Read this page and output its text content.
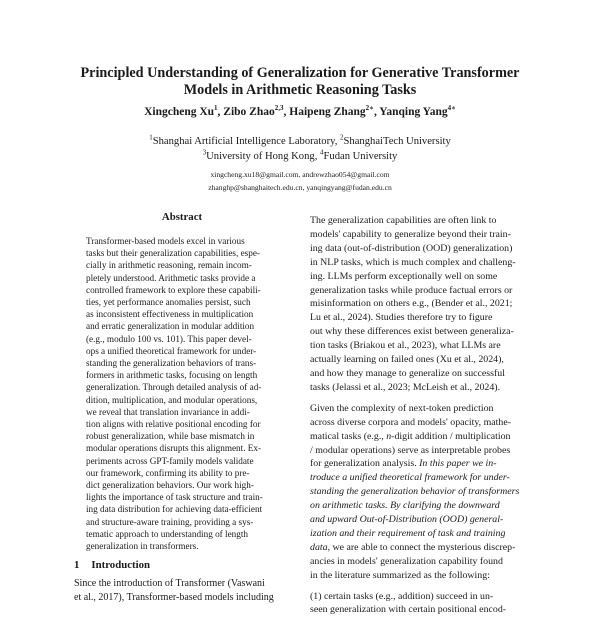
Principled Understanding of Generalization for Generative Transformer
Models in Arithmetic Reasoning Tasks
Xingcheng Xu$^1$, Zibo Zhao$^{2,3}$, Haipeng Zhang$^{2∗}$, Yanqing Yang$^{4∗}$
$^1$Shanghai Artificial Intelligence Laboratory, $^2$ShanghaiTech University
$^3$University of Hong Kong, $^4$Fudan University
xingcheng.xu18@gmail.com, andrewzhao054@gmail.com
zhanghp@shanghaitech.edu.cn, yanqingyang@fudan.edu.cn
Abstract
Transformer-based models excel in various
tasks but their generalization capabilities, espe-
cially in arithmetic reasoning, remain incom-
pletely understood. Arithmetic tasks provide a
controlled framework to explore these capabili-
ties, yet performance anomalies persist, such
as inconsistent effectiveness in multiplication
and erratic generalization in modular addition
(e.g., modulo 100 vs. 101). This paper devel-
ops a unified theoretical framework for under-
standing the generalization behaviors of trans-
formers in arithmetic tasks, focusing on length
generalization. Through detailed analysis of ad-
dition, multiplication, and modular operations,
we reveal that translation invariance in addi-
tion aligns with relative positional encoding for
robust generalization, while base mismatch in
modular operations disrupts this alignment. Ex-
periments across GPT-family models validate
our framework, confirming its ability to pre-
dict generalization behaviors. Our work high-
lights the importance of task structure and train-
ing data distribution for achieving data-efficient
and structure-aware training, providing a sys-
tematic approach to understanding of length
generalization in transformers.
1 Introduction
Since the introduction of Transformer (Vaswani
et al., 2017), Transformer-based models including
The generalization capabilities are often link to
models' capability to generalize beyond their train-
ing data (out-of-distribution (OOD) generalization)
in NLP tasks, which is much complex and challeng-
ing. LLMs perform exceptionally well on some
generalization tasks while produce factual errors or
misinformation on others e.g., (Bender et al., 2021;
Lu et al., 2024). Studies therefore try to figure
out why these differences exist between generaliza-
tion tasks (Briakou et al., 2023), what LLMs are
actually learning on failed ones (Xu et al., 2024),
and how they manage to generalize on successful
tasks (Jelassi et al., 2023; McLeish et al., 2024).
Given the complexity of next-token prediction
across diverse corpora and models' opacity, mathe-
matical tasks (e.g., n-digit addition / multiplication
/ modular operations) serve as interpretable probes
for generalization analysis. In this paper we in-
troduce a unified theoretical framework for under-
standing the generalization behavior of transformers
on arithmetic tasks. By clarifying the downward
and upward Out-of-Distribution (OOD) general-
ization and their requirement of task and training
data, we are able to connect the mysterious discrep-
ancies in models' generalization capability found
in the literature summarized as the following:
(1) certain tasks (e.g., addition) succeed in un-
seen generalization with certain positional encod-
